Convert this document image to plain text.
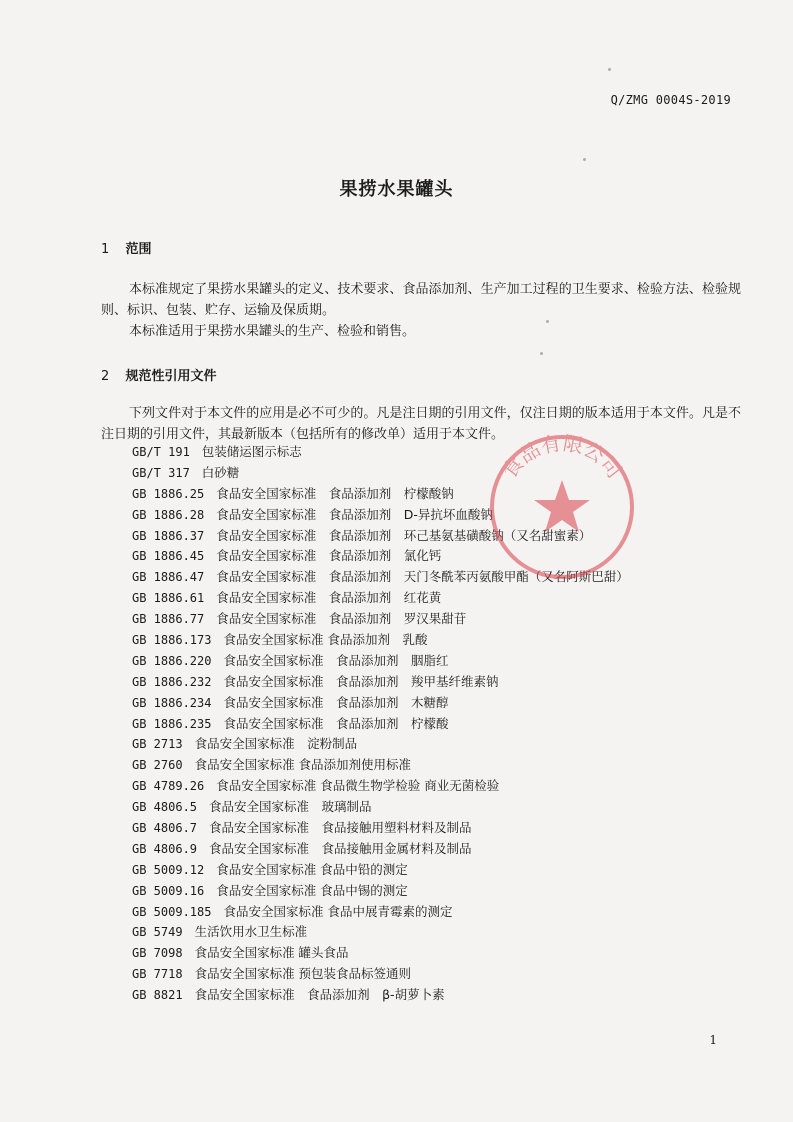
Q/ZMG 0004S-2019
果捞水果罐头
1 范围

本标准规定了果捞水果罐头的定义、技术要求、食品添加剂、生产加工过程的卫生要求、检验方法、检验规则、标识、包装、贮存、运输及保质期。

本标准适用于果捞水果罐头的生产、检验和销售。

2 规范性引用文件

下列文件对于本文件的应用是必不可少的。凡是注日期的引用文件，仅注日期的版本适用于本文件。凡是不注日期的引用文件，其最新版本（包括所有的修改单）适用于本文件。

GB/T 191 包装储运图示标志
GB/T 317 白砂糖
GB 1886.25 食品安全国家标准　食品添加剂　柠檬酸钠
GB 1886.28 食品安全国家标准　食品添加剂　D-异抗坏血酸钠
GB 1886.37 食品安全国家标准　食品添加剂　环己基氨基磺酸钠（又名甜蜜素）
GB 1886.45 食品安全国家标准　食品添加剂　氯化钙
GB 1886.47 食品安全国家标准　食品添加剂　天门冬酰苯丙氨酸甲酯（又名阿斯巴甜）
GB 1886.61 食品安全国家标准　食品添加剂　红花黄
GB 1886.77 食品安全国家标准　食品添加剂　罗汉果甜苷
GB 1886.173 食品安全国家标准 食品添加剂　乳酸
GB 1886.220 食品安全国家标准　食品添加剂　胭脂红
GB 1886.232 食品安全国家标准　食品添加剂　羧甲基纤维素钠
GB 1886.234 食品安全国家标准　食品添加剂　木糖醇
GB 1886.235 食品安全国家标准　食品添加剂　柠檬酸
GB 2713 食品安全国家标准　淀粉制品
GB 2760 食品安全国家标准 食品添加剂使用标准
GB 4789.26 食品安全国家标准 食品微生物学检验 商业无菌检验
GB 4806.5 食品安全国家标准　玻璃制品
GB 4806.7 食品安全国家标准　食品接触用塑料材料及制品
GB 4806.9 食品安全国家标准　食品接触用金属材料及制品
GB 5009.12 食品安全国家标准 食品中铅的测定
GB 5009.16 食品安全国家标准 食品中锡的测定
GB 5009.185 食品安全国家标准 食品中展青霉素的测定
GB 5749 生活饮用水卫生标准
GB 7098 食品安全国家标准 罐头食品
GB 7718 食品安全国家标准 预包装食品标签通则
GB 8821 食品安全国家标准　食品添加剂　β-胡萝卜素
食品有限公司
1
